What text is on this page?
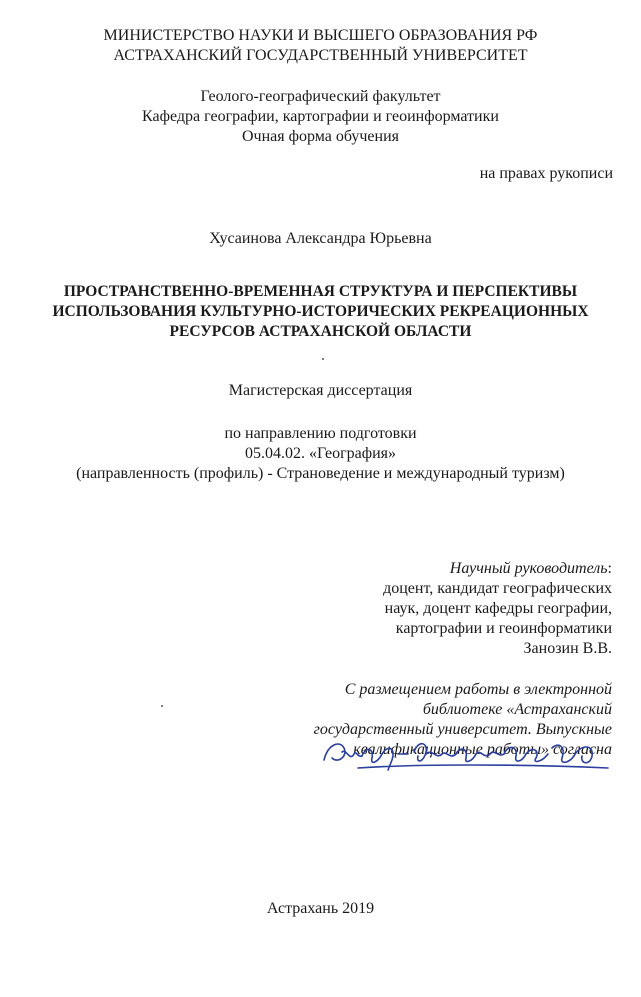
МИНИСТЕРСТВО НАУКИ И ВЫСШЕГО ОБРАЗОВАНИЯ РФ
АСТРАХАНСКИЙ ГОСУДАРСТВЕННЫЙ УНИВЕРСИТЕТ
Геолого-географический факультет
Кафедра географии, картографии и геоинформатики
Очная форма обучения
на правах рукописи
Хусаинова Александра Юрьевна
ПРОСТРАНСТВЕННО-ВРЕМЕННАЯ СТРУКТУРА И ПЕРСПЕКТИВЫ
ИСПОЛЬЗОВАНИЯ КУЛЬТУРНО-ИСТОРИЧЕСКИХ РЕКРЕАЦИОННЫХ
РЕСУРСОВ АСТРАХАНСКОЙ ОБЛАСТИ
Магистерская диссертация
по направлению подготовки
05.04.02. «География»
(направленность (профиль) - Страноведение и международный туризм)
Научный руководитель:
доцент, кандидат географических
наук, доцент кафедры географии,
картографии и геоинформатики
Занозин В.В.
С размещением работы в электронной
библиотеке «Астраханский
государственный университет. Выпускные
квалификационные работы» согласна
Астрахань 2019
